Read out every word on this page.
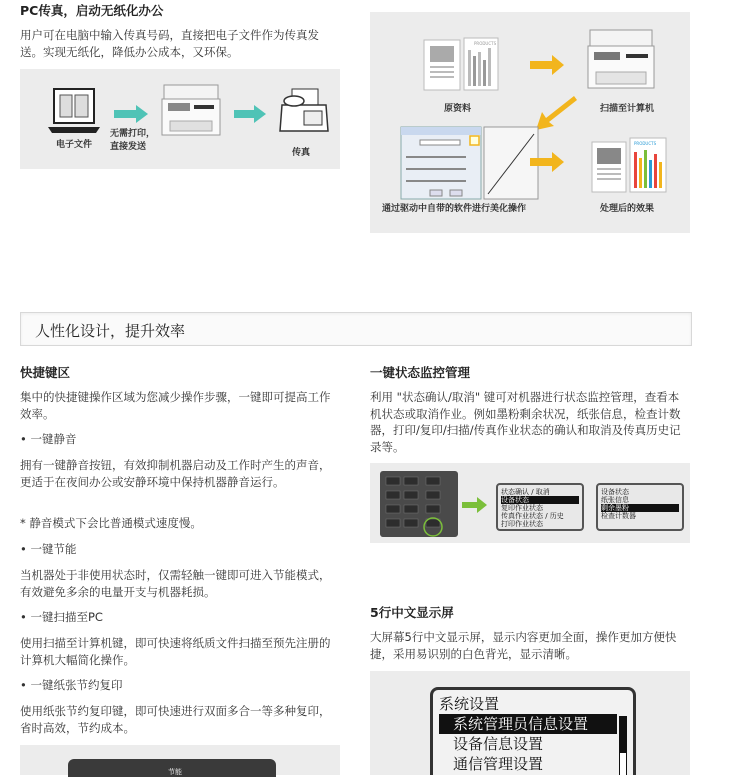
PC传真，启动无纸化办公

用户可在电脑中输入传真号码，直接把电子文件作为传真发送。实现无纸化，降低办公成本，又环保。

电子文件
无需打印，
直接发送
传真
PRODUCTS
原资料	扫描至计算机
通过驱动中自带的软件进行美化操作
PRODUCTS
处理后的效果
人性化设计，提升效率
快捷键区

集中的快捷键操作区域为您减少操作步骤，一键即可提高工作效率。

• 一键静音

拥有一键静音按钮，有效抑制机器启动及工作时产生的声音，更适于在夜间办公或安静环境中保持机器静音运行。

* 静音模式下会比普通模式速度慢。

• 一键节能

当机器处于非使用状态时，仅需轻触一键即可进入节能模式，有效避免多余的电量开支与机器耗损。

• 一键扫描至PC

使用扫描至计算机键，即可快速将纸质文件扫描至预先注册的计算机大幅简化操作。

• 一键纸张节约复印

使用纸张节约复印键，即可快速进行双面多合一等多种复印，省时高效，节约成本。

节能
一键状态监控管理

利用 "状态确认/取消" 键可对机器进行状态监控管理，查看本机状态或取消作业。例如墨粉剩余状况，纸张信息，检查计数器，打印/复印/扫描/传真作业状态的确认和取消及传真历史记录等。

状态确认 / 取消
设备状态
复印作业状态
传真作业状态 / 历史
打印作业状态
设备状态
纸张信息
剩余墨粉
检查计数器
5行中文显示屏

大屏幕5行中文显示屏，显示内容更加全面，操作更加方便快捷，采用易识别的白色背光，显示清晰。

系统设置
系统管理员信息设置
设备信息设置
通信管理设置
